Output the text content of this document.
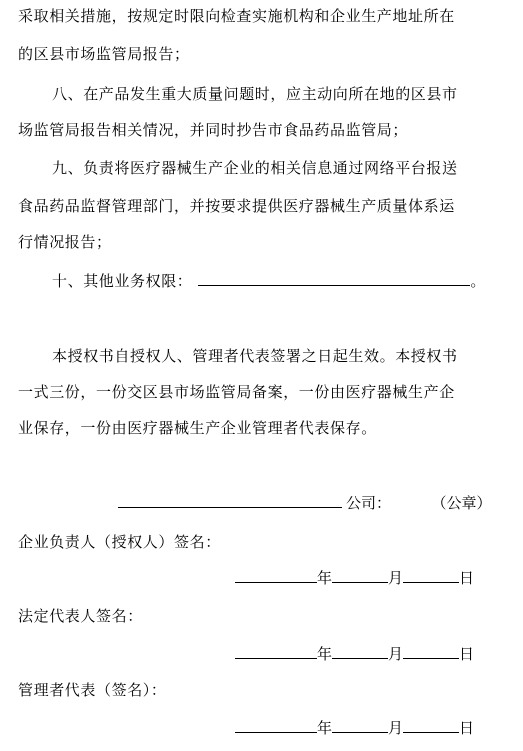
采取相关措施，按规定时限向检查实施机构和企业生产地址所在
的区县市场监管局报告；
八、在产品发生重大质量问题时，应主动向所在地的区县市
场监管局报告相关情况，并同时抄告市食品药品监管局；
九、负责将医疗器械生产企业的相关信息通过网络平台报送
食品药品监督管理部门，并按要求提供医疗器械生产质量体系运
行情况报告；
十、其他业务权限：	。
本授权书自授权人、管理者代表签署之日起生效。本授权书
一式三份，一份交区县市场监管局备案，一份由医疗器械生产企
业保存，一份由医疗器械生产企业管理者代表保存。
公司：	（公章）
企业负责人（授权人）签名：
年	月	日
法定代表人签名：
年	月	日
管理者代表（签名）：
年	月	日
